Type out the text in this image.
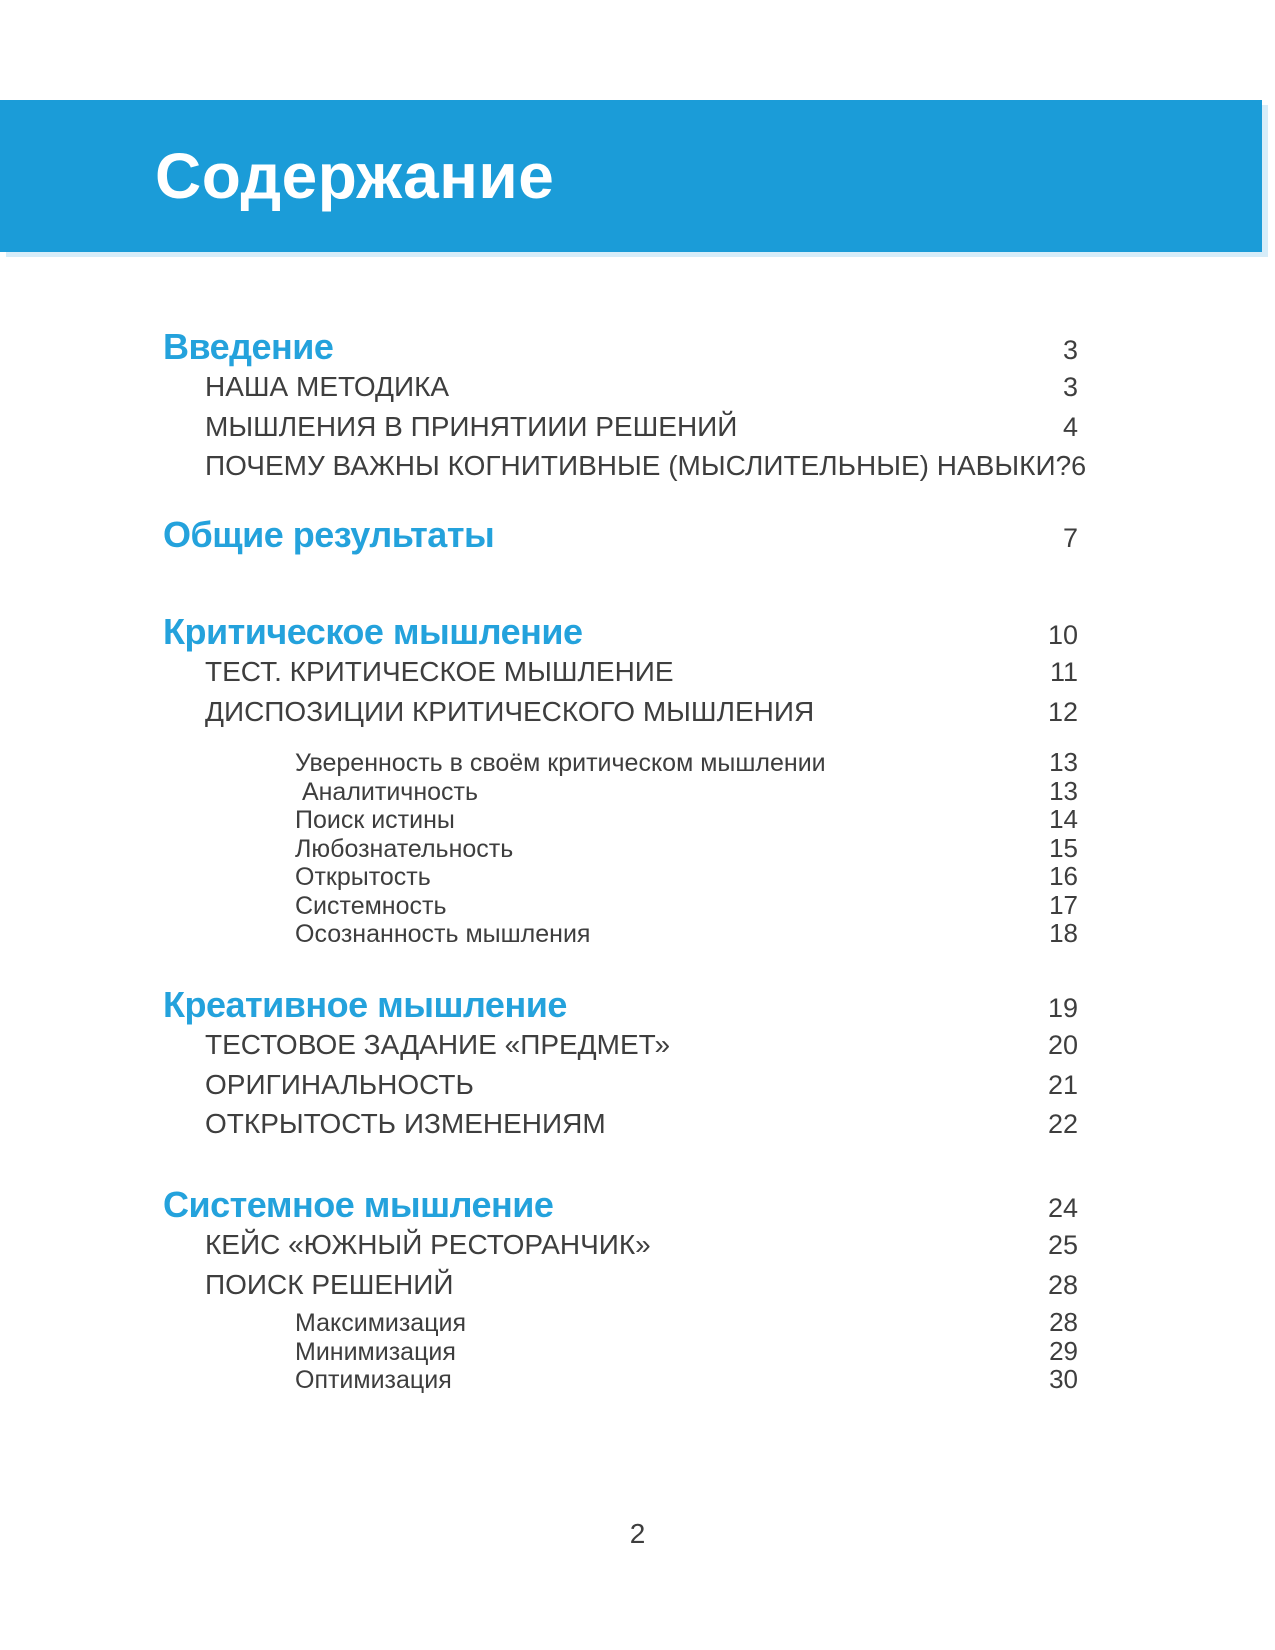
Содержание
Введение	3
НАША МЕТОДИКА	3
МЫШЛЕНИЯ В ПРИНЯТИИИ РЕШЕНИЙ	4
ПОЧЕМУ ВАЖНЫ КОГНИТИВНЫЕ (МЫСЛИТЕЛЬНЫЕ) НАВЫКИ? 6
Общие результаты	7
Критическое мышление	10
ТЕСТ. КРИТИЧЕСКОЕ МЫШЛЕНИЕ	11
ДИСПОЗИЦИИ КРИТИЧЕСКОГО МЫШЛЕНИЯ	12
Уверенность в своём критическом мышлении	13
Аналитичность	13
Поиск истины	14
Любознательность	15
Открытость	16
Системность	17
Осознанность мышления	18
Креативное мышление	19
ТЕСТОВОЕ ЗАДАНИЕ «ПРЕДМЕТ»	20
ОРИГИНАЛЬНОСТЬ	21
ОТКРЫТОСТЬ ИЗМЕНЕНИЯМ	22
Системное мышление	24
КЕЙС «ЮЖНЫЙ РЕСТОРАНЧИК»	25
ПОИСК РЕШЕНИЙ	28
Максимизация	28
Минимизация	29
Оптимизация	30
2
